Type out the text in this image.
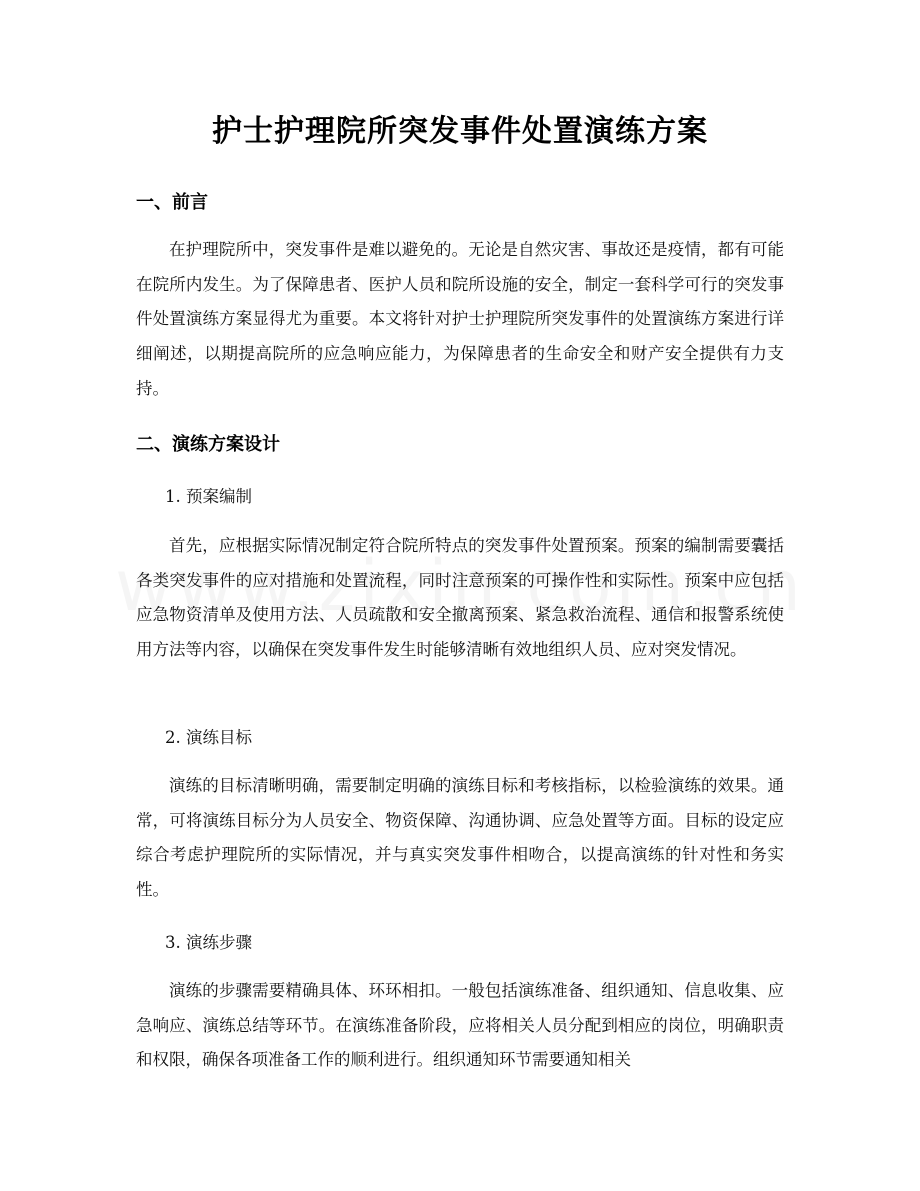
护士护理院所突发事件处置演练方案
一、前言
在护理院所中，突发事件是难以避免的。无论是自然灾害、事故还是疫情，都有可能在院所内发生。为了保障患者、医护人员和院所设施的安全，制定一套科学可行的突发事件处置演练方案显得尤为重要。本文将针对护士护理院所突发事件的处置演练方案进行详细阐述，以期提高院所的应急响应能力，为保障患者的生命安全和财产安全提供有力支持。
二、演练方案设计
1. 预案编制
首先，应根据实际情况制定符合院所特点的突发事件处置预案。预案的编制需要囊括各类突发事件的应对措施和处置流程，同时注意预案的可操作性和实际性。预案中应包括应急物资清单及使用方法、人员疏散和安全撤离预案、紧急救治流程、通信和报警系统使用方法等内容，以确保在突发事件发生时能够清晰有效地组织人员、应对突发情况。
2. 演练目标
演练的目标清晰明确，需要制定明确的演练目标和考核指标，以检验演练的效果。通常，可将演练目标分为人员安全、物资保障、沟通协调、应急处置等方面。目标的设定应综合考虑护理院所的实际情况，并与真实突发事件相吻合，以提高演练的针对性和务实性。
3. 演练步骤
演练的步骤需要精确具体、环环相扣。一般包括演练准备、组织通知、信息收集、应急响应、演练总结等环节。在演练准备阶段，应将相关人员分配到相应的岗位，明确职责和权限，确保各项准备工作的顺利进行。组织通知环节需要通知相关
